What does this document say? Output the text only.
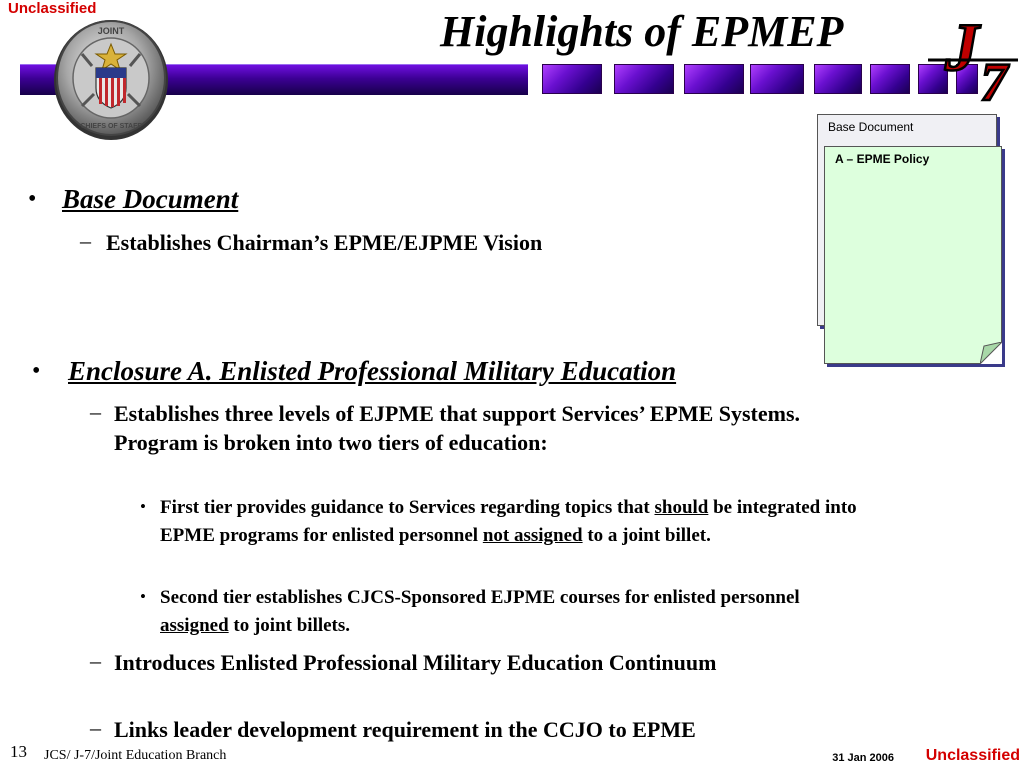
Unclassified	Highlights of EPMEP
JOINT
CHIEFS OF STAFF
J 7
Base Document
A – EPME Policy
• Base Document
– Establishes Chairman’s EPME/EJPME Vision
• Enclosure A. Enlisted Professional Military Education
– Establishes three levels of EJPME that support Services’ EPME Systems. Program is broken into two tiers of education:
• First tier provides guidance to Services regarding topics that should be integrated into EPME programs for enlisted personnel not assigned to a joint billet.
• Second tier establishes CJCS-Sponsored EJPME courses for enlisted personnel assigned to joint billets.
– Introduces Enlisted Professional Military Education Continuum
– Links leader development requirement in the CCJO to EPME
13 JCS/ J-7/Joint Education Branch	31 Jan 2006 Unclassified
